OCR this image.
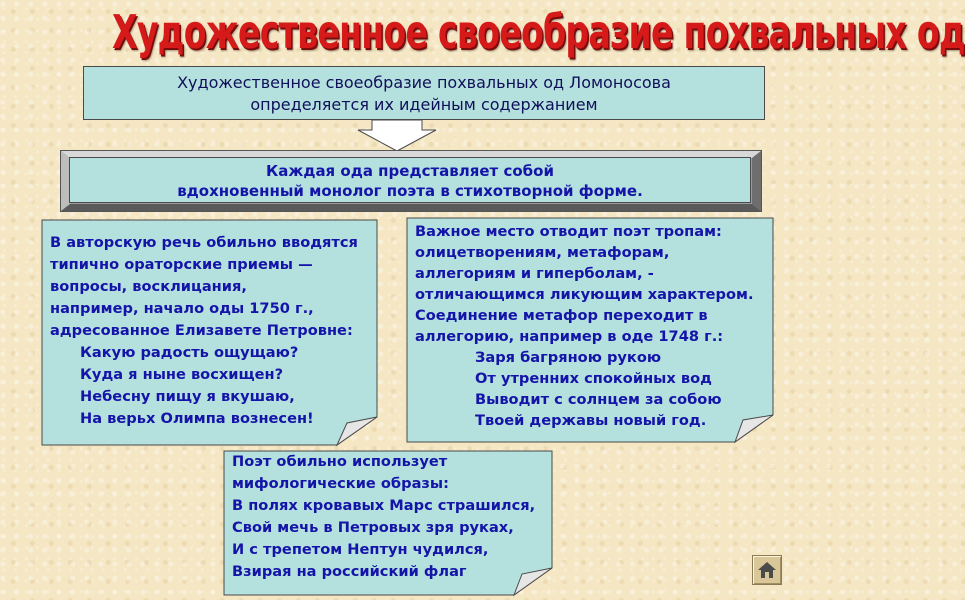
Художественное своеобразие похвальных од
Художественное своеобразие похвальных од Ломоносова
определяется их идейным содержанием
Каждая ода представляет собой
вдохновенный монолог поэта в стихотворной форме.
В авторскую речь обильно вводятся
типично ораторские приемы —
вопросы, восклицания,
например, начало оды 1750 г.,
адресованное Елизавете Петровне:
Какую радость ощущаю?
Куда я ныне восхищен?
Небесну пищу я вкушаю,
На верьх Олимпа вознесен!
Важное место отводит поэт тропам:
олицетворениям, метафорам,
аллегориям и гиперболам, -
отличающимся ликующим характером.
Соединение метафор переходит в
аллегорию, например в оде 1748 г.:
Заря багряною рукою
От утренних спокойных вод
Выводит с солнцем за собою
Твоей державы новый год.
Поэт обильно использует
мифологические образы:
В полях кровавых Марс страшился,
Свой мечь в Петровых зря руках,
И с трепетом Нептун чудился,
Взирая на российский флаг
